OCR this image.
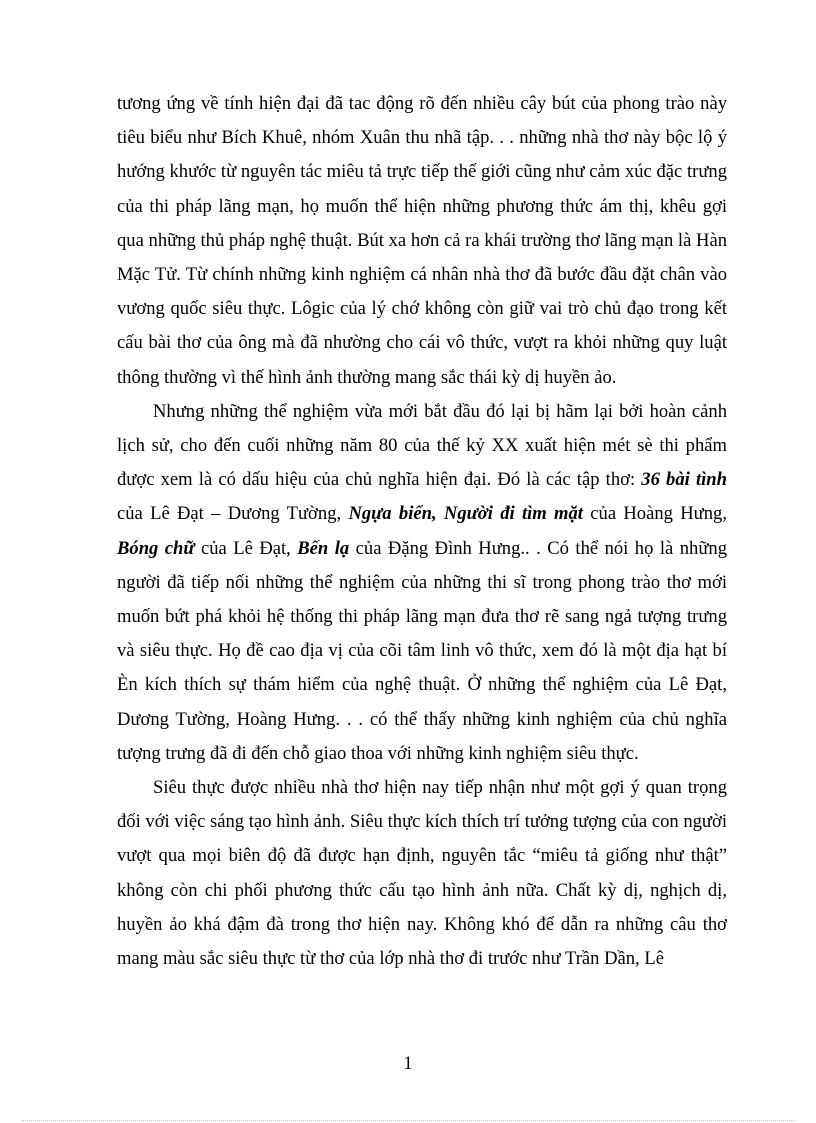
tương ứng về tính hiện đại đã tac động rõ đến nhiều cây bút của phong trào này tiêu biểu như Bích Khuê, nhóm Xuân thu nhã tập. . . những nhà thơ này bộc lộ ý hướng khước từ nguyên tác miêu tả trực tiếp thế giới cũng như cảm xúc đặc trưng của thi pháp lãng mạn, họ muốn thể hiện những phương thức ám thị, khêu gợi qua những thủ pháp nghệ thuật. Bút xa hơn cả ra khái trường thơ lãng mạn là Hàn Mặc Tử. Từ chính những kinh nghiệm cá nhân nhà thơ đã bước đầu đặt chân vào vương quốc siêu thực. Lôgic của lý chớ không còn giữ vai trò chủ đạo trong kết cấu bài thơ của ông mà đã nhường cho cái vô thức, vượt ra khỏi những quy luật thông thường vì thế hình ảnh thường mang sắc thái kỳ dị huyền ảo.

Nhưng những thể nghiệm vừa mới bắt đầu đó lại bị hãm lại bởi hoàn cảnh lịch sử, cho đến cuối những năm 80 của thế kỷ XX xuất hiện mét sè thi phẩm được xem là có dấu hiệu của chủ nghĩa hiện đại. Đó là các tập thơ: 36 bài tình của Lê Đạt – Dương Tường, Ngựa biển, Người đi tìm mặt của Hoàng Hưng, Bóng chữ của Lê Đạt, Bến lạ của Đặng Đình Hưng.. . Có thể nói họ là những người đã tiếp nối những thể nghiệm của những thi sĩ trong phong trào thơ mới muốn bứt phá khỏi hệ thống thi pháp lãng mạn đưa thơ rẽ sang ngả tượng trưng và siêu thực. Họ đề cao địa vị của cõi tâm linh vô thức, xem đó là một địa hạt bí Èn kích thích sự thám hiểm của nghệ thuật. Ở những thể nghiệm của Lê Đạt, Dương Tường, Hoàng Hưng. . . có thể thấy những kinh nghiệm của chủ nghĩa tượng trưng đã đi đến chỗ giao thoa với những kinh nghiệm siêu thực.

Siêu thực được nhiều nhà thơ hiện nay tiếp nhận như một gợi ý quan trọng đối với việc sáng tạo hình ảnh. Siêu thực kích thích trí tưởng tượng của con người vượt qua mọi biên độ đã được hạn định, nguyên tắc “miêu tả giống như thật” không còn chi phối phương thức cấu tạo hình ảnh nữa. Chất kỳ dị, nghịch dị, huyền ảo khá đậm đà trong thơ hiện nay. Không khó để dẫn ra những câu thơ mang màu sắc siêu thực từ thơ của lớp nhà thơ đi trước như Trần Dần, Lê

1
